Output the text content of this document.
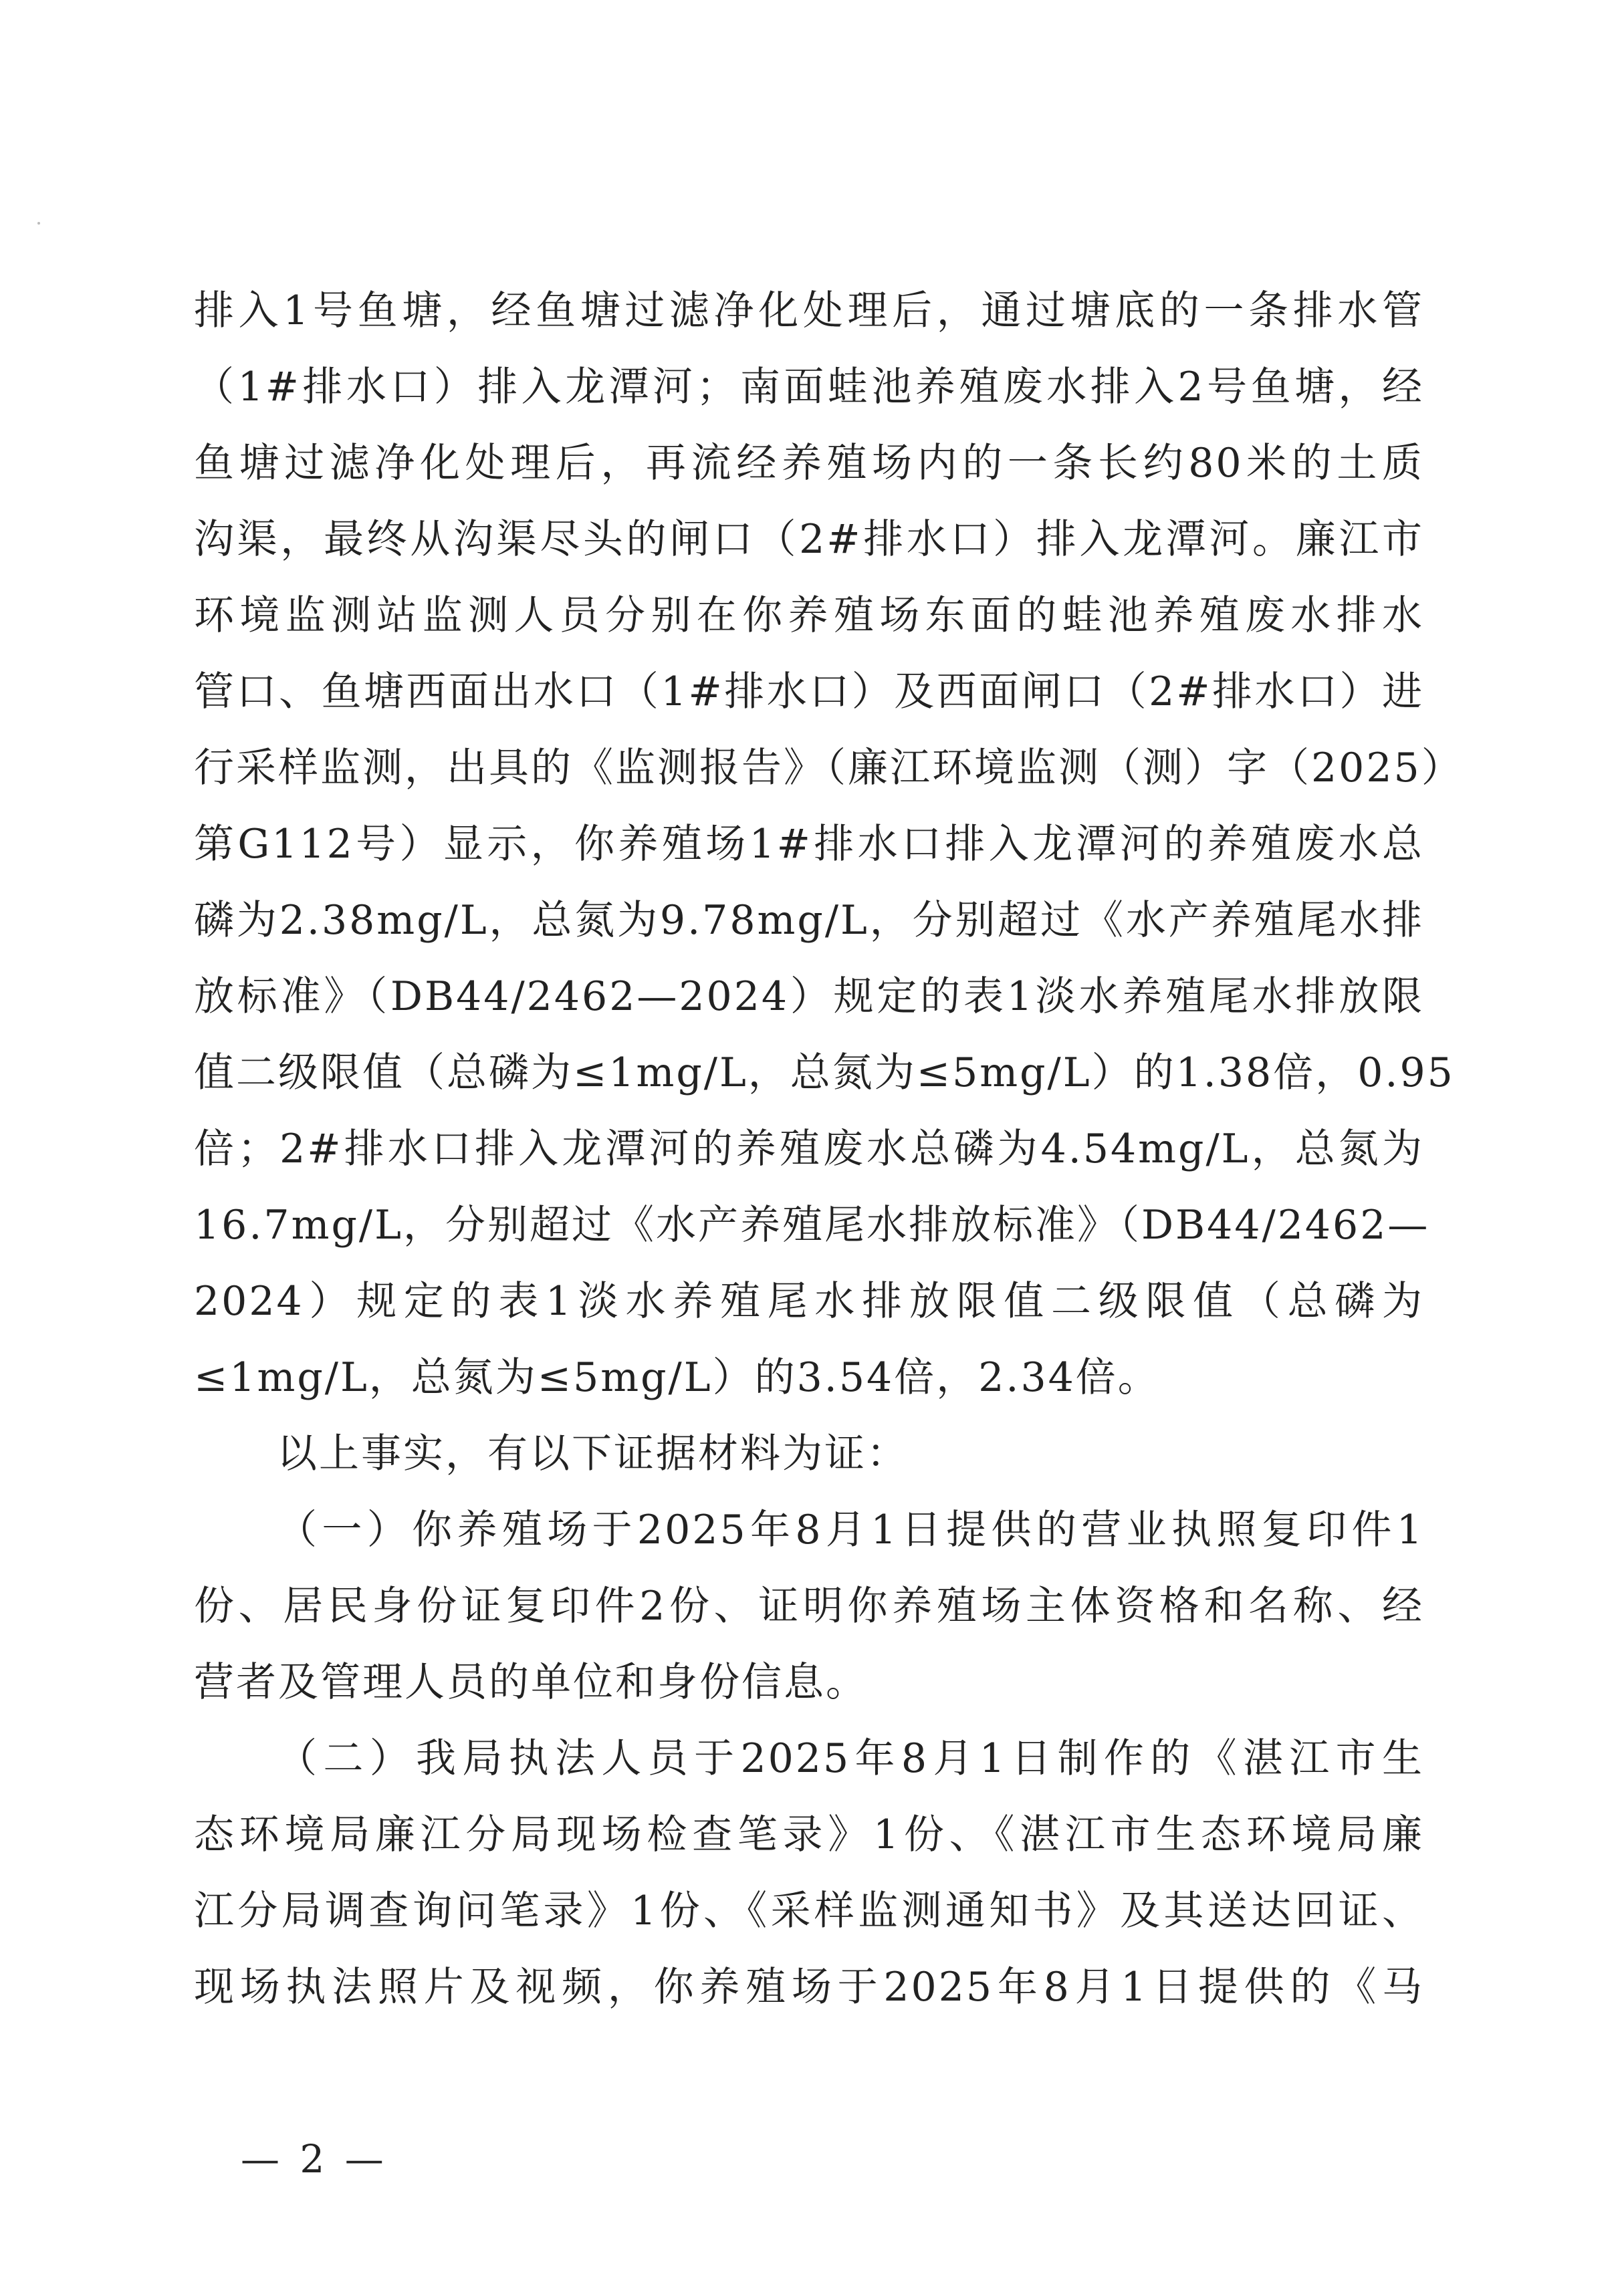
排入1号鱼塘，经鱼塘过滤净化处理后，通过塘底的一条排水管
（1#排水口）排入龙潭河；南面蛙池养殖废水排入2号鱼塘，经
鱼塘过滤净化处理后，再流经养殖场内的一条长约80米的土质
沟渠，最终从沟渠尽头的闸口（2#排水口）排入龙潭河。廉江市
环境监测站监测人员分别在你养殖场东面的蛙池养殖废水排水
管口、鱼塘西面出水口（1#排水口）及西面闸口（2#排水口）进
行采样监测，出具的《监测报告》（廉江环境监测（测）字（2025）
第G112号）显示，你养殖场1#排水口排入龙潭河的养殖废水总
磷为2.38mg/L，总氮为9.78mg/L，分别超过《水产养殖尾水排
放标准》（DB44/2462—2024）规定的表1淡水养殖尾水排放限
值二级限值（总磷为≤1mg/L，总氮为≤5mg/L）的1.38倍，0.95
倍；2#排水口排入龙潭河的养殖废水总磷为4.54mg/L，总氮为
16.7mg/L，分别超过《水产养殖尾水排放标准》（DB44/2462—
2024）规定的表1淡水养殖尾水排放限值二级限值（总磷为
≤1mg/L，总氮为≤5mg/L）的3.54倍，2.34倍。
以上事实，有以下证据材料为证：
（一）你养殖场于2025年8月1日提供的营业执照复印件1
份、居民身份证复印件2份、证明你养殖场主体资格和名称、经
营者及管理人员的单位和身份信息。
（二）我局执法人员于2025年8月1日制作的《湛江市生
态环境局廉江分局现场检查笔录》1份、《湛江市生态环境局廉
江分局调查询问笔录》1份、《采样监测通知书》及其送达回证、
现场执法照片及视频，你养殖场于2025年8月1日提供的《马
— 2 —
